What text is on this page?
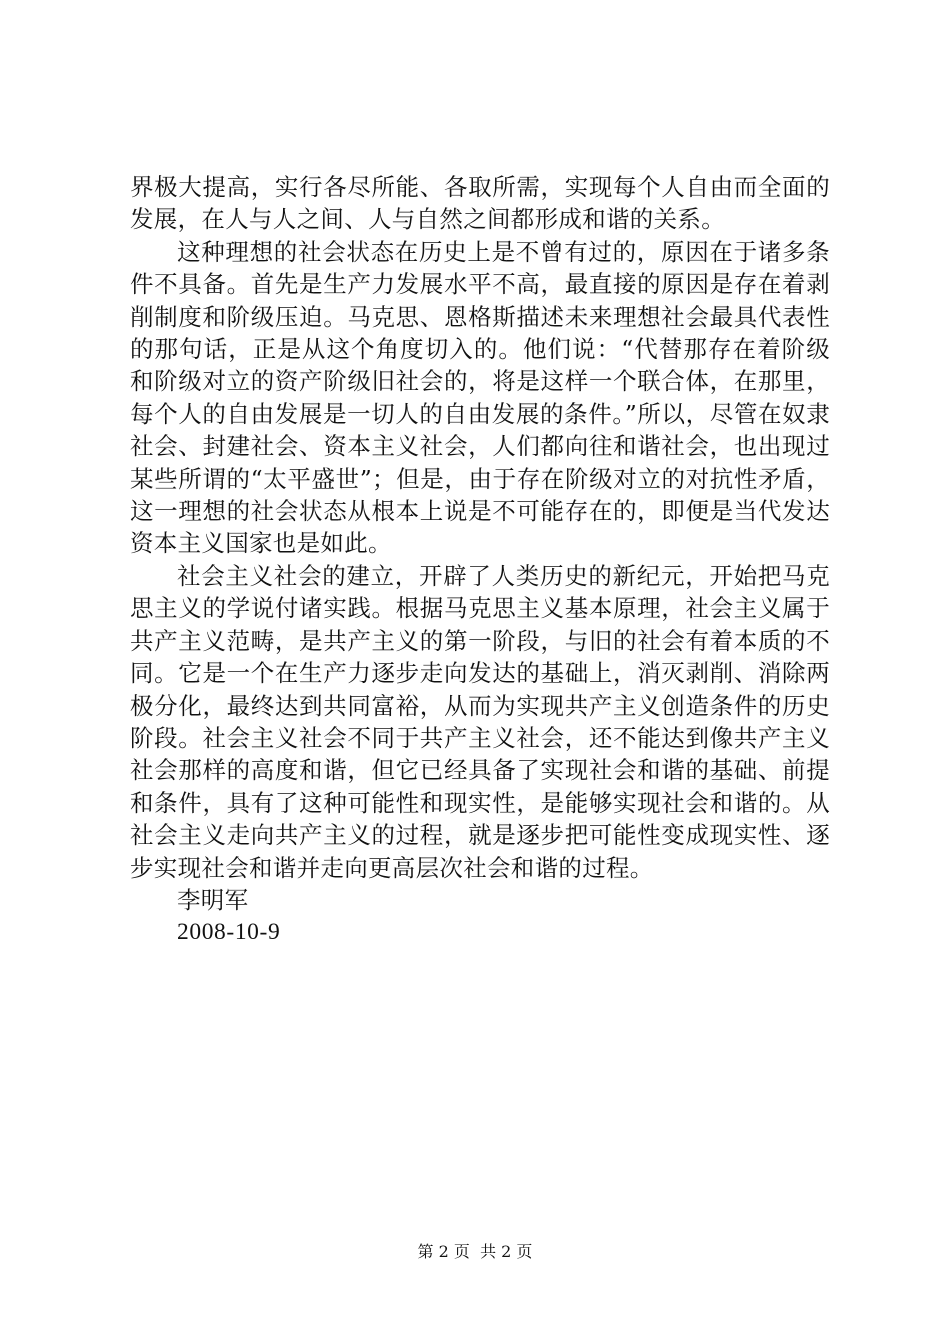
界极大提高，实行各尽所能、各取所需，实现每个人自由而全面的发展，在人与人之间、人与自然之间都形成和谐的关系。

这种理想的社会状态在历史上是不曾有过的，原因在于诸多条件不具备。首先是生产力发展水平不高，最直接的原因是存在着剥削制度和阶级压迫。马克思、恩格斯描述未来理想社会最具代表性的那句话，正是从这个角度切入的。他们说：“代替那存在着阶级和阶级对立的资产阶级旧社会的，将是这样一个联合体，在那里，每个人的自由发展是一切人的自由发展的条件。”所以，尽管在奴隶社会、封建社会、资本主义社会，人们都向往和谐社会，也出现过某些所谓的“太平盛世”；但是，由于存在阶级对立的对抗性矛盾，这一理想的社会状态从根本上说是不可能存在的，即便是当代发达资本主义国家也是如此。

社会主义社会的建立，开辟了人类历史的新纪元，开始把马克思主义的学说付诸实践。根据马克思主义基本原理，社会主义属于共产主义范畴，是共产主义的第一阶段，与旧的社会有着本质的不同。它是一个在生产力逐步走向发达的基础上，消灭剥削、消除两极分化，最终达到共同富裕，从而为实现共产主义创造条件的历史阶段。社会主义社会不同于共产主义社会，还不能达到像共产主义社会那样的高度和谐，但它已经具备了实现社会和谐的基础、前提和条件，具有了这种可能性和现实性，是能够实现社会和谐的。从社会主义走向共产主义的过程，就是逐步把可能性变成现实性、逐步实现社会和谐并走向更高层次社会和谐的过程。

李明军

2008-10-9

第 2 页  共 2 页
